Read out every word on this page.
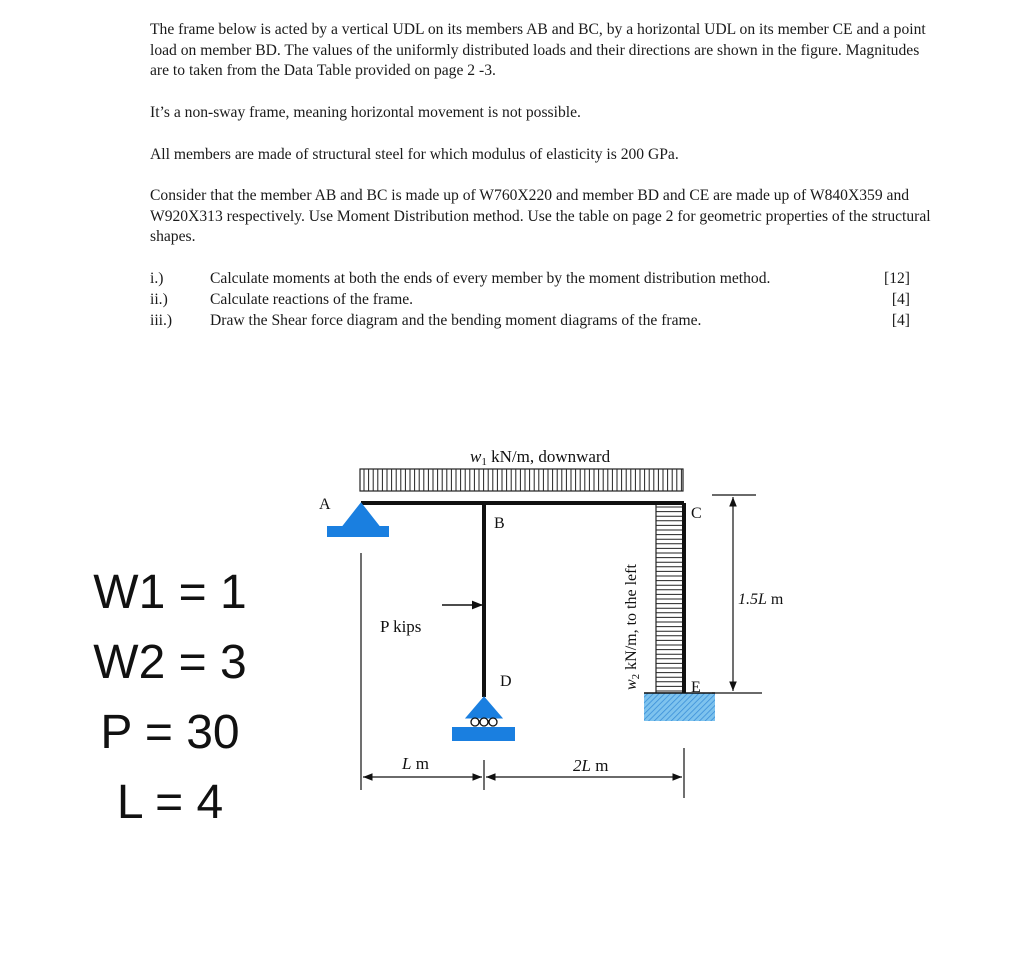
The frame below is acted by a vertical UDL on its members AB and BC, by a horizontal UDL on its member CE and a point load on member BD. The values of the uniformly distributed loads and their directions are shown in the figure. Magnitudes are to taken from the Data Table provided on page 2 -3.

It’s a non-sway frame, meaning horizontal movement is not possible.

All members are made of structural steel for which modulus of elasticity is 200 GPa.

Consider that the member AB and BC is made up of W760X220 and member BD and CE are made up of W840X359 and W920X313 respectively. Use Moment Distribution method. Use the table on page 2 for geometric properties of the structural shapes.

i.)	Calculate moments at both the ends of every member by the moment distribution method.	[12]
ii.)	Calculate reactions of the frame.	[4]
iii.) Draw the Shear force diagram and the bending moment diagrams of the frame.	[4]
W1 = 1
W2 = 3
P = 30
L = 4
w1 kN/m, downward
w2 kN/m, to the left
P kips
A
B
C
D	E
L m	2L m
1.5L m
